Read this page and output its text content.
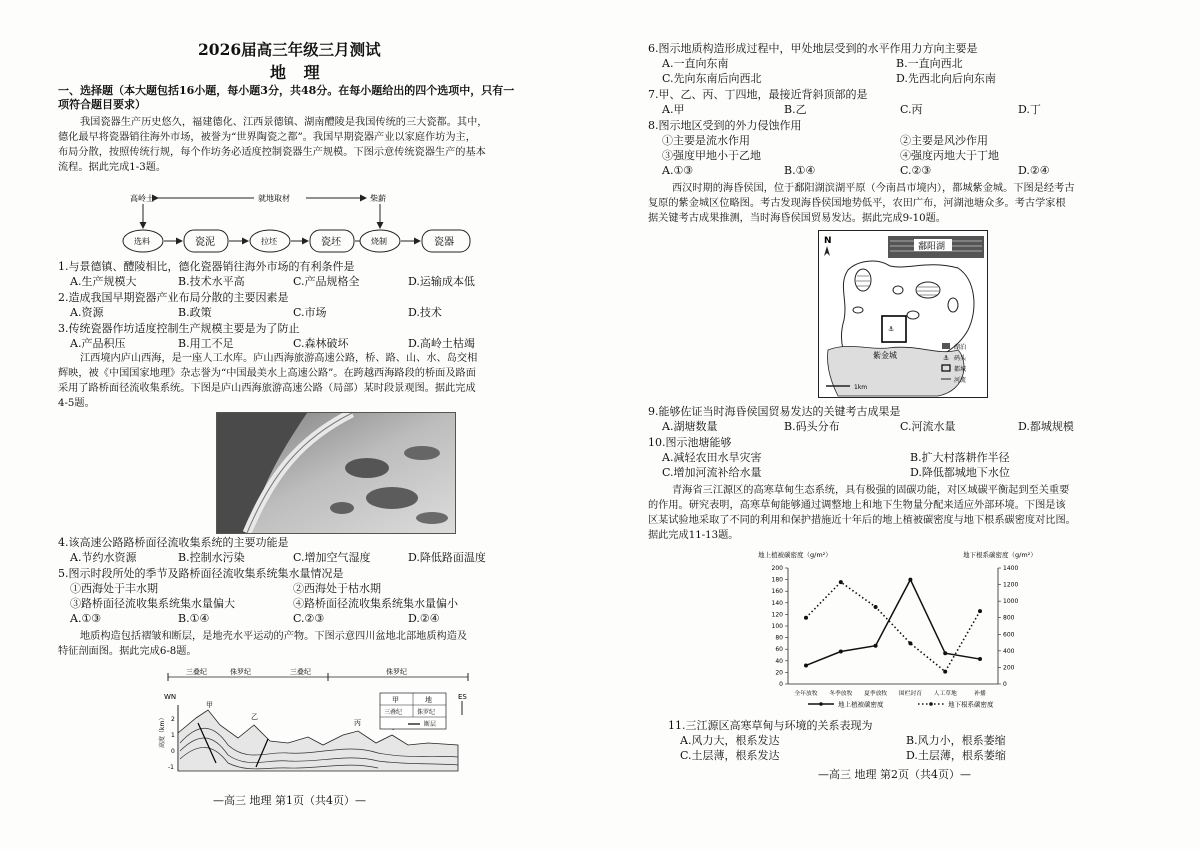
2026届高三年级三月测试
地 理
一、选择题（本大题包括16小题，每小题3分，共48分。在每小题给出的四个选项中，只有一
项符合题目要求）
我国瓷器生产历史悠久，福建德化、江西景德镇、湖南醴陵是我国传统的三大瓷都。其中，
德化最早将瓷器销往海外市场，被誉为“世界陶瓷之都”。我国早期瓷器产业以家庭作坊为主，
布局分散，按照传统行规，每个作坊务必适度控制瓷器生产规模。下图示意传统瓷器生产的基本
流程。据此完成1-3题。
高岭土	就地取材	柴薪
选料	瓷泥	拉坯	瓷坯	烧制	瓷器
1.与景德镇、醴陵相比，德化瓷器销往海外市场的有利条件是
A.生产规模大	B.技术水平高	C.产品规格全	D.运输成本低
2.造成我国早期瓷器产业布局分散的主要因素是
A.资源	B.政策	C.市场	D.技术
3.传统瓷器作坊适度控制生产规模主要是为了防止
A.产品积压	B.用工不足	C.森林破坏	D.高岭土枯竭
江西境内庐山西海，是一座人工水库。庐山西海旅游高速公路，桥、路、山、水、岛交相
辉映，被《中国国家地理》杂志誉为“中国最美水上高速公路”。在跨越西海路段的桥面及路面
采用了路桥面径流收集系统。下图是庐山西海旅游高速公路（局部）某时段景观图。据此完成
4-5题。
4.该高速公路路桥面径流收集系统的主要功能是
A.节约水资源	B.控制水污染	C.增加空气湿度	D.降低路面温度
5.图示时段所处的季节及路桥面径流收集系统集水量情况是
①西海处于丰水期	②西海处于枯水期
③路桥面径流收集系统集水量偏大	④路桥面径流收集系统集水量偏小
A.①③	B.①④	C.②③	D.②④
地质构造包括褶皱和断层，是地壳水平运动的产物。下图示意四川盆地北部地质构造及
特征剖面图。据此完成6-8题。
三叠纪	侏罗纪	三叠纪	侏罗纪
WN	ES
2
1
0
-1
高度（km）
甲
乙
丙
甲	地
三叠纪 侏罗纪
断层
—高三 地理 第1页（共4页）—
6.图示地质构造形成过程中，甲处地层受到的水平作用力方向主要是
A.一直向东南	B.一直向西北
C.先向东南后向西北	D.先西北向后向东南
7.甲、乙、丙、丁四地，最接近背斜顶部的是
A.甲	B.乙	C.丙	D.丁
8.图示地区受到的外力侵蚀作用
①主要是流水作用	②主要是风沙作用
③强度甲地小于乙地	④强度丙地大于丁地
A.①③	B.①④	C.②③	D.②④
西汉时期的海昏侯国，位于鄱阳湖滨湖平原（今南昌市境内），都城紫金城。下图是经考古
复原的紫金城区位略图。考古发现海昏侯国地势低平，农田广布，河湖池塘众多。考古学家根
据关键考古成果推测，当时海昏侯国贸易发达。据此完成9-10题。
N
鄱阳湖
⚓
紫金城
1km
湖泊
⚓ 码头
都城
河流
9.能够佐证当时海昏侯国贸易发达的关键考古成果是
A.湖塘数量	B.码头分布	C.河流水量	D.都城规模
10.图示池塘能够
A.减轻农田水旱灾害	B.扩大村落耕作半径
C.增加河流补给水量	D.降低都城地下水位
青海省三江源区的高寒草甸生态系统，具有极强的固碳功能，对区域碳平衡起到至关重要
的作用。研究表明，高寒草甸能够通过调整地上和地下生物量分配来适应外部环境。下图是该
区某试验地采取了不同的利用和保护措施近十年后的地上植被碳密度与地下根系碳密度对比图。
据此完成11-13题。
地上植被碳密度（g/m²）	地下根系碳密度（g/m²）
0
20
40
60
80
100
120
140
160
180
200
0
200
400
600
800
1000
1200
1400
全年放牧 冬季放牧 夏季放牧 围栏封育 人工草地	补播
地上植被碳密度	地下根系碳密度
11.三江源区高寒草甸与环境的关系表现为
A.风力大，根系发达	B.风力小，根系萎缩
C.土层薄，根系发达	D.土层薄，根系萎缩
—高三 地理 第2页（共4页）—
